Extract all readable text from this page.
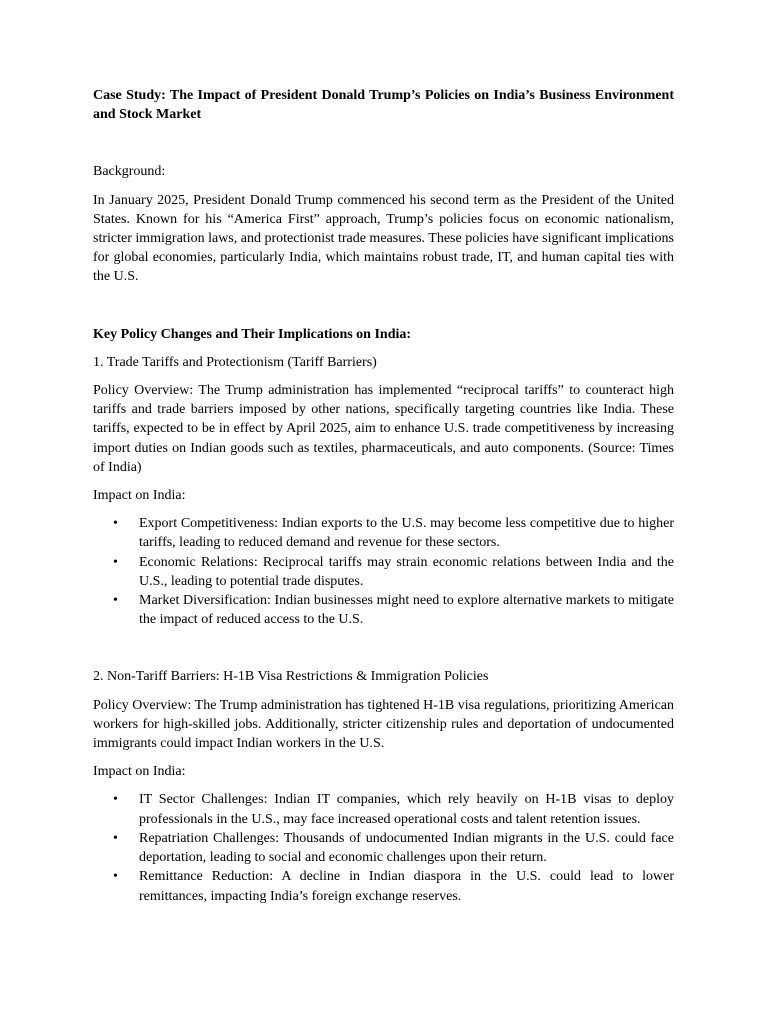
Case Study: The Impact of President Donald Trump’s Policies on India’s Business Environment and Stock Market

Background:

In January 2025, President Donald Trump commenced his second term as the President of the United States. Known for his “America First” approach, Trump’s policies focus on economic nationalism, stricter immigration laws, and protectionist trade measures. These policies have significant implications for global economies, particularly India, which maintains robust trade, IT, and human capital ties with the U.S.

Key Policy Changes and Their Implications on India:

1. Trade Tariffs and Protectionism (Tariff Barriers)

Policy Overview: The Trump administration has implemented “reciprocal tariffs” to counteract high tariffs and trade barriers imposed by other nations, specifically targeting countries like India. These tariffs, expected to be in effect by April 2025, aim to enhance U.S. trade competitiveness by increasing import duties on Indian goods such as textiles, pharmaceuticals, and auto components. (Source: Times of India)

Impact on India:

• Export Competitiveness: Indian exports to the U.S. may become less competitive due to higher tariffs, leading to reduced demand and revenue for these sectors.
• Economic Relations: Reciprocal tariffs may strain economic relations between India and the U.S., leading to potential trade disputes.
• Market Diversification: Indian businesses might need to explore alternative markets to mitigate the impact of reduced access to the U.S.

2. Non-Tariff Barriers: H-1B Visa Restrictions & Immigration Policies

Policy Overview: The Trump administration has tightened H-1B visa regulations, prioritizing American workers for high-skilled jobs. Additionally, stricter citizenship rules and deportation of undocumented immigrants could impact Indian workers in the U.S.

Impact on India:

• IT Sector Challenges: Indian IT companies, which rely heavily on H-1B visas to deploy professionals in the U.S., may face increased operational costs and talent retention issues.
• Repatriation Challenges: Thousands of undocumented Indian migrants in the U.S. could face deportation, leading to social and economic challenges upon their return.
• Remittance Reduction: A decline in Indian diaspora in the U.S. could lead to lower remittances, impacting India’s foreign exchange reserves.
